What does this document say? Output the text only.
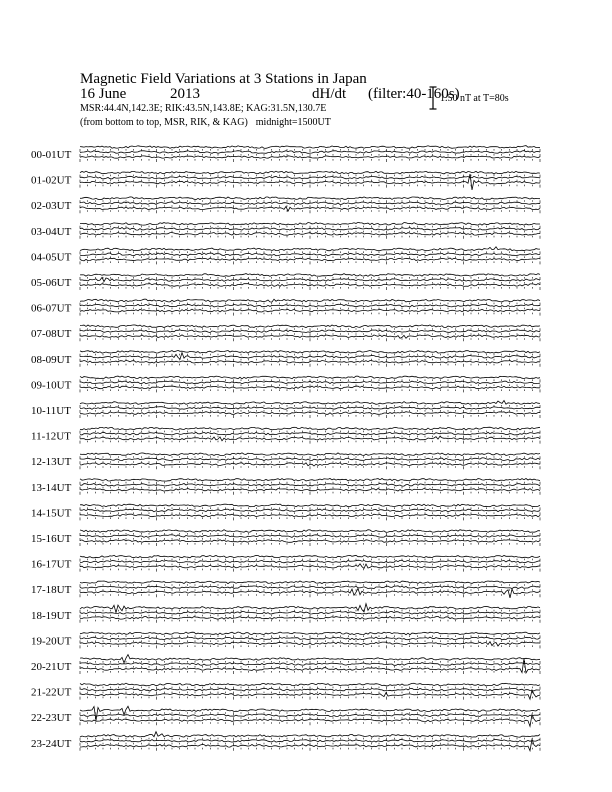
Magnetic Field Variations at 3 Stations in Japan
16 June	2013	dH/dt (filter:40-160s)
MSR:44.4N,142.3E; RIK:43.5N,143.8E; KAG:31.5N,130.7E
(from bottom to top, MSR, RIK, & KAG) midnight=1500UT
1.50 nT at T=80s
00-01UT
01-02UT
02-03UT
03-04UT
04-05UT
05-06UT
06-07UT
07-08UT
08-09UT
09-10UT
10-11UT
11-12UT
12-13UT
13-14UT
14-15UT
15-16UT
16-17UT
17-18UT
18-19UT
19-20UT
20-21UT
21-22UT
22-23UT
23-24UT
